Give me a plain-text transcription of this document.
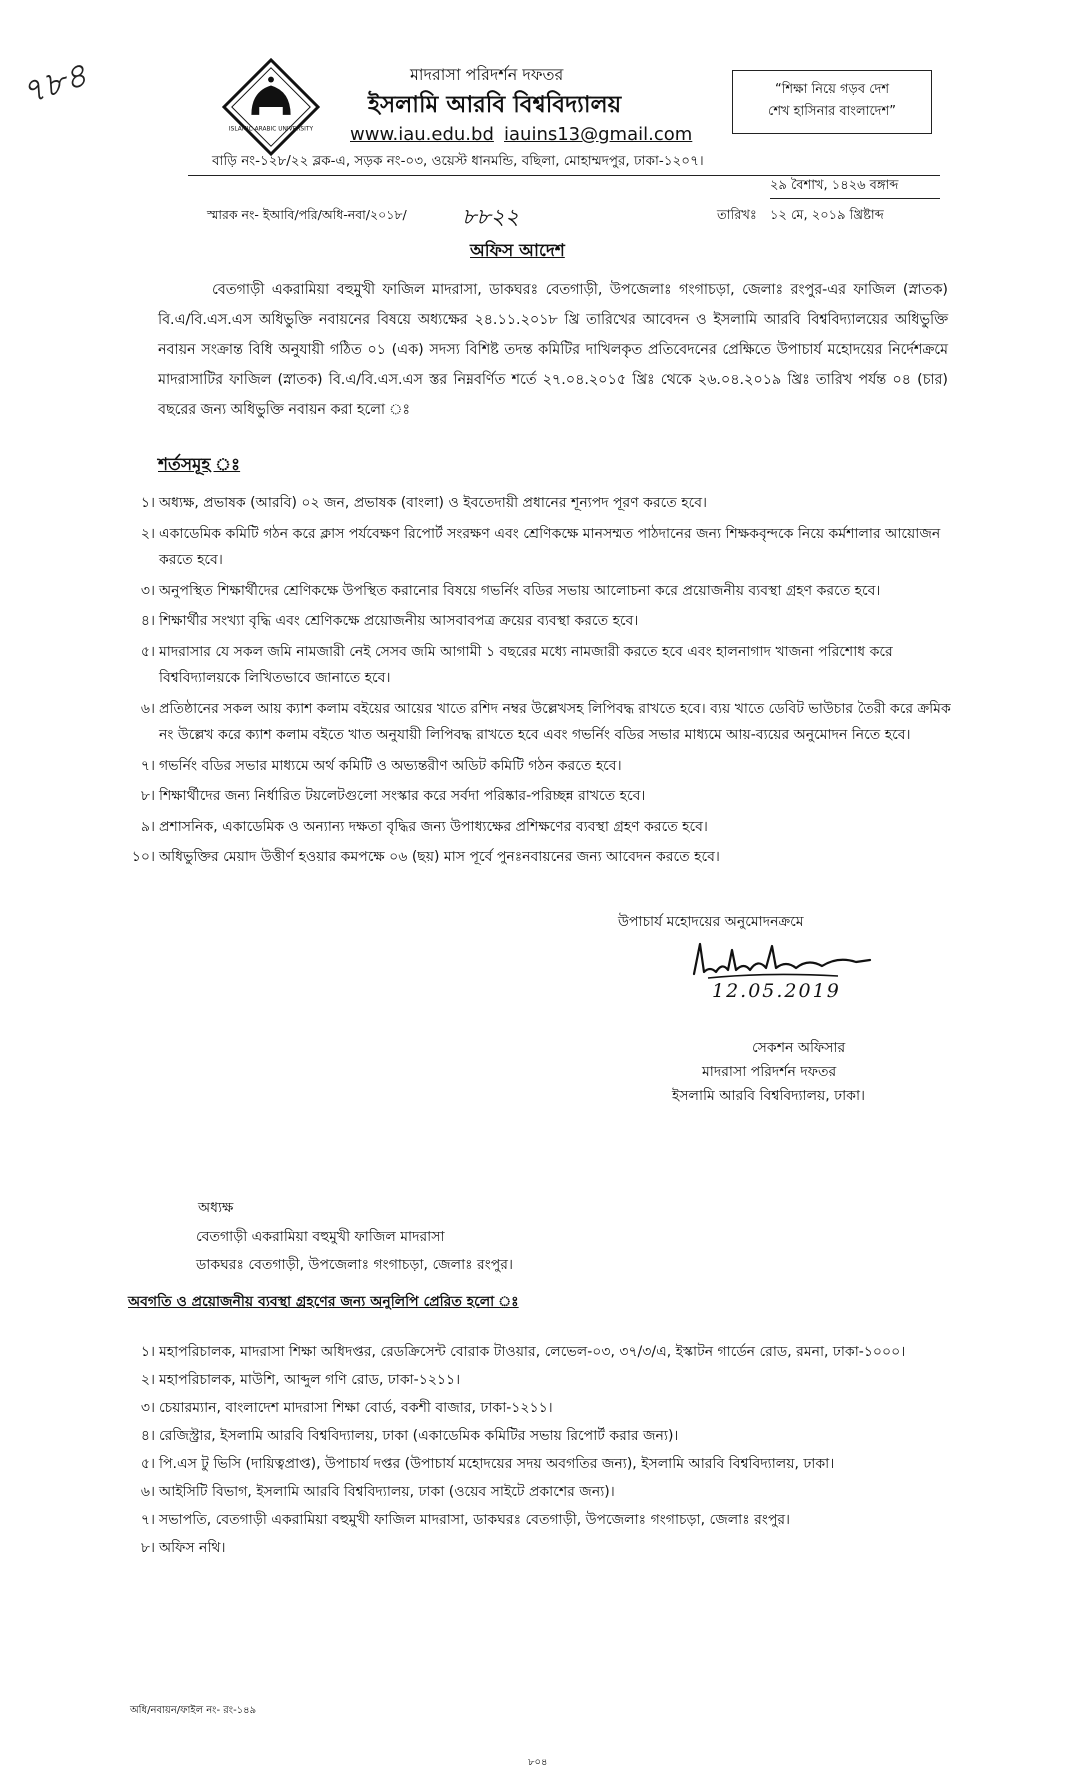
৭৮৪
ISLAMIC ARABIC UNIVERSITY
মাদরাসা পরিদর্শন দফতর
ইসলামি আরবি বিশ্ববিদ্যালয়
www.iau.edu.bd iauins13@gmail.com
“শিক্ষা নিয়ে গড়ব দেশ
শেখ হাসিনার বাংলাদেশ”
বাড়ি নং-১২৮/২২ ব্লক-এ, সড়ক নং-০৩, ওয়েস্ট ধানমন্ডি, বছিলা, মোহাম্মদপুর, ঢাকা-১২০৭।
স্মারক নং- ইআবি/পরি/অধি-নবা/২০১৮/	৮৮২২	তারিখঃ
২৯ বৈশাখ, ১৪২৬ বঙ্গাব্দ
১২ মে, ২০১৯ খ্রিষ্টাব্দ
অফিস আদেশ
বেতগাড়ী একরামিয়া বহুমুখী ফাজিল মাদরাসা, ডাকঘরঃ বেতগাড়ী, উপজেলাঃ গংগাচড়া, জেলাঃ রংপুর-এর ফাজিল (স্নাতক) বি.এ/বি.এস.এস অধিভুক্তি নবায়নের বিষয়ে অধ্যক্ষের ২৪.১১.২০১৮ খ্রি তারিখের আবেদন ও ইসলামি আরবি বিশ্ববিদ্যালয়ের অধিভুক্তি নবায়ন সংক্রান্ত বিধি অনুযায়ী গঠিত ০১ (এক) সদস্য বিশিষ্ট তদন্ত কমিটির দাখিলকৃত প্রতিবেদনের প্রেক্ষিতে উপাচার্য মহোদয়ের নির্দেশক্রমে মাদরাসাটির ফাজিল (স্নাতক) বি.এ/বি.এস.এস স্তর নিম্নবর্ণিত শর্তে ২৭.০৪.২০১৫ খ্রিঃ থেকে ২৬.০৪.২০১৯ খ্রিঃ তারিখ পর্যন্ত ০৪ (চার) বছরের জন্য অধিভুক্তি নবায়ন করা হলো ঃ
শর্তসমূহ ঃ
১। অধ্যক্ষ, প্রভাষক (আরবি) ০২ জন, প্রভাষক (বাংলা) ও ইবতেদায়ী প্রধানের শূন্যপদ পূরণ করতে হবে।
২। একাডেমিক কমিটি গঠন করে ক্লাস পর্যবেক্ষণ রিপোর্ট সংরক্ষণ এবং শ্রেণিকক্ষে মানসম্মত পাঠদানের জন্য শিক্ষকবৃন্দকে নিয়ে কর্মশালার আয়োজন করতে হবে।
৩। অনুপস্থিত শিক্ষার্থীদের শ্রেণিকক্ষে উপস্থিত করানোর বিষয়ে গভর্নিং বডির সভায় আলোচনা করে প্রয়োজনীয় ব্যবস্থা গ্রহণ করতে হবে।
৪। শিক্ষার্থীর সংখ্যা বৃদ্ধি এবং শ্রেণিকক্ষে প্রয়োজনীয় আসবাবপত্র ক্রয়ের ব্যবস্থা করতে হবে।
৫। মাদরাসার যে সকল জমি নামজারী নেই সেসব জমি আগামী ১ বছরের মধ্যে নামজারী করতে হবে এবং হালনাগাদ খাজনা পরিশোধ করে বিশ্ববিদ্যালয়কে লিখিতভাবে জানাতে হবে।
৬। প্রতিষ্ঠানের সকল আয় ক্যাশ কলাম বইয়ের আয়ের খাতে রশিদ নম্বর উল্লেখসহ লিপিবদ্ধ রাখতে হবে। ব্যয় খাতে ডেবিট ভাউচার তৈরী করে ক্রমিক নং উল্লেখ করে ক্যাশ কলাম বইতে খাত অনুযায়ী লিপিবদ্ধ রাখতে হবে এবং গভর্নিং বডির সভার মাধ্যমে আয়-ব্যয়ের অনুমোদন নিতে হবে।
৭। গভর্নিং বডির সভার মাধ্যমে অর্থ কমিটি ও অভ্যন্তরীণ অডিট কমিটি গঠন করতে হবে।
৮। শিক্ষার্থীদের জন্য নির্ধারিত টয়লেটগুলো সংস্কার করে সর্বদা পরিষ্কার-পরিচ্ছন্ন রাখতে হবে।
৯। প্রশাসনিক, একাডেমিক ও অন্যান্য দক্ষতা বৃদ্ধির জন্য উপাধ্যক্ষের প্রশিক্ষণের ব্যবস্থা গ্রহণ করতে হবে।
১০। অধিভুক্তির মেয়াদ উত্তীর্ণ হওয়ার কমপক্ষে ০৬ (ছয়) মাস পূর্বে পুনঃনবায়নের জন্য আবেদন করতে হবে।
উপাচার্য মহোদয়ের অনুমোদনক্রমে
12.05.2019
সেকশন অফিসার
মাদরাসা পরিদর্শন দফতর
ইসলামি আরবি বিশ্ববিদ্যালয়, ঢাকা।
অধ্যক্ষ
বেতগাড়ী একরামিয়া বহুমুখী ফাজিল মাদরাসা
ডাকঘরঃ বেতগাড়ী, উপজেলাঃ গংগাচড়া, জেলাঃ রংপুর।
অবগতি ও প্রয়োজনীয় ব্যবস্থা গ্রহণের জন্য অনুলিপি প্রেরিত হলো ঃ
১। মহাপরিচালক, মাদরাসা শিক্ষা অধিদপ্তর, রেডক্রিসেন্ট বোরাক টাওয়ার, লেভেল-০৩, ৩৭/৩/এ, ইস্কাটন গার্ডেন রোড, রমনা, ঢাকা-১০০০।
২। মহাপরিচালক, মাউশি, আব্দুল গণি রোড, ঢাকা-১২১১।
৩। চেয়ারম্যান, বাংলাদেশ মাদরাসা শিক্ষা বোর্ড, বকশী বাজার, ঢাকা-১২১১।
৪। রেজিস্ট্রার, ইসলামি আরবি বিশ্ববিদ্যালয়, ঢাকা (একাডেমিক কমিটির সভায় রিপোর্ট করার জন্য)।
৫। পি.এস টু ভিসি (দায়িত্বপ্রাপ্ত), উপাচার্য দপ্তর (উপাচার্য মহোদয়ের সদয় অবগতির জন্য), ইসলামি আরবি বিশ্ববিদ্যালয়, ঢাকা।
৬। আইসিটি বিভাগ, ইসলামি আরবি বিশ্ববিদ্যালয়, ঢাকা (ওয়েব সাইটে প্রকাশের জন্য)।
৭। সভাপতি, বেতগাড়ী একরামিয়া বহুমুখী ফাজিল মাদরাসা, ডাকঘরঃ বেতগাড়ী, উপজেলাঃ গংগাচড়া, জেলাঃ রংপুর।
৮। অফিস নথি।
অধি/নবায়ন/ফাইল নং- রং-১৪৯
৮০৪
